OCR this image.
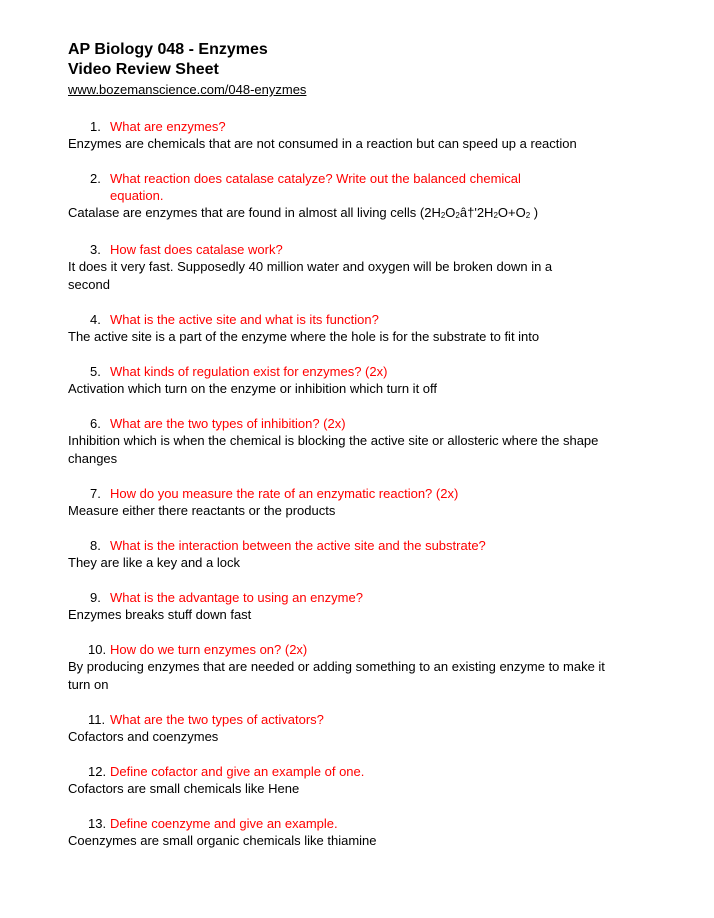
AP Biology 048 - Enzymes
Video Review Sheet
www.bozemanscience.com/048-enyzmes
1. What are enzymes?
Enzymes are chemicals that are not consumed in a reaction but can speed up a reaction
2. What reaction does catalase catalyze? Write out the balanced chemical equation.
Catalase are enzymes that are found in almost all living cells ($2H_2O_2â\dagger'2H_2O+O_2$ )
3. How fast does catalase work?
It does it very fast. Supposedly 40 million water and oxygen will be broken down in a second
4. What is the active site and what is its function?
The active site is a part of the enzyme where the hole is for the substrate to fit into
5. What kinds of regulation exist for enzymes? (2x)
Activation which turn on the enzyme or inhibition which turn it off
6. What are the two types of inhibition? (2x)
Inhibition which is when the chemical is blocking the active site or allosteric where the shape changes
7. How do you measure the rate of an enzymatic reaction? (2x)
Measure either there reactants or the products
8. What is the interaction between the active site and the substrate?
They are like a key and a lock
9. What is the advantage to using an enzyme?
Enzymes breaks stuff down fast
10. How do we turn enzymes on? (2x)
By producing enzymes that are needed or adding something to an existing enzyme to make it turn on
11. What are the two types of activators?
Cofactors and coenzymes
12. Define cofactor and give an example of one.
Cofactors are small chemicals like Hene
13. Define coenzyme and give an example.
Coenzymes are small organic chemicals like thiamine
